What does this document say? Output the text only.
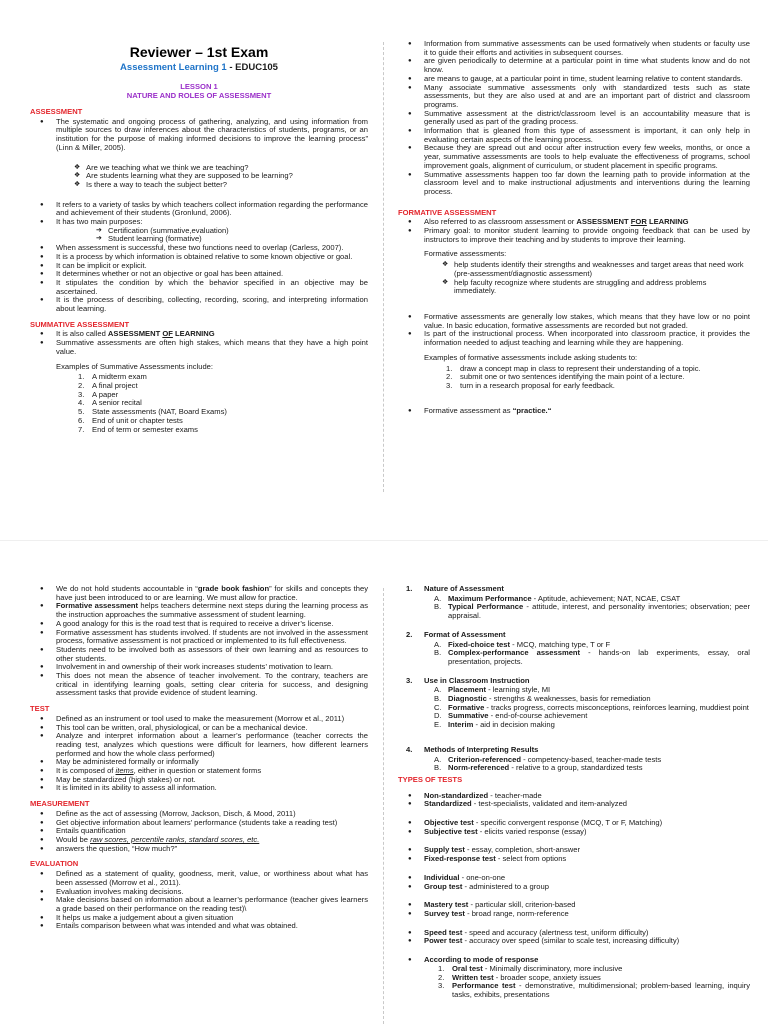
Reviewer – 1st Exam
Assessment Learning 1 - EDUC105
LESSON 1
NATURE AND ROLES OF ASSESSMENT
ASSESSMENT
● The systematic and ongoing process of gathering, analyzing, and using information from multiple sources to draw inferences about the characteristics of students, programs, or an institution for the purpose of making informed decisions to improve the learning process” (Linn & Miller, 2005).
❖ Are we teaching what we think we are teaching?
❖ Are students learning what they are supposed to be learning?
❖ Is there a way to teach the subject better?
● It refers to a variety of tasks by which teachers collect information regarding the performance and achievement of their students (Gronlund, 2006).
● It has two main purposes:
➔ Certification (summative,evaluation)
➔ Student learning (formative)
● When assessment is successful, these two functions need to overlap (Carless, 2007).
● It is a process by which information is obtained relative to some known objective or goal.
● It can be implicit or explicit.
● It determines whether or not an objective or goal has been attained.
● It stipulates the condition by which the behavior specified in an objective may be ascertained.
● It is the process of describing, collecting, recording, scoring, and interpreting information about learning.
SUMMATIVE ASSESSMENT
● It is also called ASSESSMENT OF LEARNING
● Summative assessments are often high stakes, which means that they have a high point value.
Examples of Summative Assessments include:
1. A midterm exam
2. A final project
3. A paper
4. A senior recital
5. State assessments (NAT, Board Exams)
6. End of unit or chapter tests
7. End of term or semester exams
● Information from summative assessments can be used formatively when students or faculty use it to guide their efforts and activities in subsequent courses.
● are given periodically to determine at a particular point in time what students know and do not know.
● are means to gauge, at a particular point in time, student learning relative to content standards.
● Many associate summative assessments only with standardized tests such as state assessments, but they are also used at and are an important part of district and classroom programs.
● Summative assessment at the district/classroom level is an accountability measure that is generally used as part of the grading process.
● Information that is gleaned from this type of assessment is important, it can only help in evaluating certain aspects of the learning process.
● Because they are spread out and occur after instruction every few weeks, months, or once a year, summative assessments are tools to help evaluate the effectiveness of programs, school improvement goals, alignment of curriculum, or student placement in specific programs.
● Summative assessments happen too far down the learning path to provide information at the classroom level and to make instructional adjustments and interventions during the learning process.
FORMATIVE ASSESSMENT
● Also referred to as classroom assessment or ASSESSMENT FOR LEARNING
● Primary goal: to monitor student learning to provide ongoing feedback that can be used by instructors to improve their teaching and by students to improve their learning.
Formative assessments:
❖ help students identify their strengths and weaknesses and target areas that need work (pre-assessment/diagnostic assessment)
❖ help faculty recognize where students are struggling and address problems immediately.
● Formative assessments are generally low stakes, which means that they have low or no point value. In basic education, formative assessments are recorded but not graded.
● Is part of the instructional process. When incorporated into classroom practice, it provides the information needed to adjust teaching and learning while they are happening.
Examples of formative assessments include asking students to:
1. draw a concept map in class to represent their understanding of a topic.
2. submit one or two sentences identifying the main point of a lecture.
3. turn in a research proposal for early feedback.
● Formative assessment as “practice.“
● We do not hold students accountable in “grade book fashion” for skills and concepts they have just been introduced to or are learning. We must allow for practice.
● Formative assessment helps teachers determine next steps during the learning process as the instruction approaches the summative assessment of student learning.
● A good analogy for this is the road test that is required to receive a driver’s license.
● Formative assessment has students involved. If students are not involved in the assessment process, formative assessment is not practiced or implemented to its full effectiveness.
● Students need to be involved both as assessors of their own learning and as resources to other students.
● Involvement in and ownership of their work increases students’ motivation to learn.
● This does not mean the absence of teacher involvement. To the contrary, teachers are critical in identifying learning goals, setting clear criteria for success, and designing assessment tasks that provide evidence of student learning.
TEST
● Defined as an instrument or tool used to make the measurement (Morrow et al., 2011)
● This tool can be written, oral, physiological, or can be a mechanical device.
● Analyze and interpret information about a learner’s performance (teacher corrects the reading test, analyzes which questions were difficult for learners, how different learners performed and how the whole class performed)
● May be administered formally or informally
● It is composed of items, either in question or statement forms
● May be standardized (high stakes) or not.
● It is limited in its ability to assess all information.
MEASUREMENT
● Define as the act of assessing (Morrow, Jackson, Disch, & Mood, 2011)
● Get objective information about learners’ performance (students take a reading test)
● Entails quantification
● Would be raw scores, percentile ranks, standard scores, etc.
● answers the question, “How much?”
EVALUATION
● Defined as a statement of quality, goodness, merit, value, or worthiness about what has been assessed (Morrow et al., 2011).
● Evaluation involves making decisions.
● Make decisions based on information about a learner’s performance (teacher gives learners a grade based on their performance on the reading test)\
● It helps us make a judgement about a given situation
● Entails comparison between what was intended and what was obtained.
1. Nature of Assessment
A. Maximum Performance - Aptitude, achievement; NAT, NCAE, CSAT
B. Typical Performance - attitude, interest, and personality inventories; observation; peer appraisal.
2. Format of Assessment
A. Fixed-choice test - MCQ, matching type, T or F
B. Complex-performance assessment - hands-on lab experiments, essay, oral presentation, projects.
3. Use in Classroom Instruction
A. Placement - learning style, MI
B. Diagnostic - strengths & weaknesses, basis for remediation
C. Formative - tracks progress, corrects misconceptions, reinforces learning, muddiest point
D. Summative - end-of-course achievement
E. Interim - aid in decision making
4. Methods of Interpreting Results
A. Criterion-referenced - competency-based, teacher-made tests
B. Norm-referenced - relative to a group, standardized tests
TYPES OF TESTS
● Non-standardized - teacher-made
● Standardized - test-specialists, validated and item-analyzed
● Objective test - specific convergent response (MCQ, T or F, Matching)
● Subjective test - elicits varied response (essay)
● Supply test - essay, completion, short-answer
● Fixed-response test - select from options
● Individual - one-on-one
● Group test - administered to a group
● Mastery test - particular skill, criterion-based
● Survey test - broad range, norm-reference
● Speed test - speed and accuracy (alertness test, uniform difficulty)
● Power test - accuracy over speed (similar to scale test, increasing difficulty)
● According to mode of response
1. Oral test - Minimally discriminatory, more inclusive
2. Written test - broader scope, anxiety issues
3. Performance test - demonstrative, multidimensional; problem-based learning, inquiry tasks, exhibits, presentations
